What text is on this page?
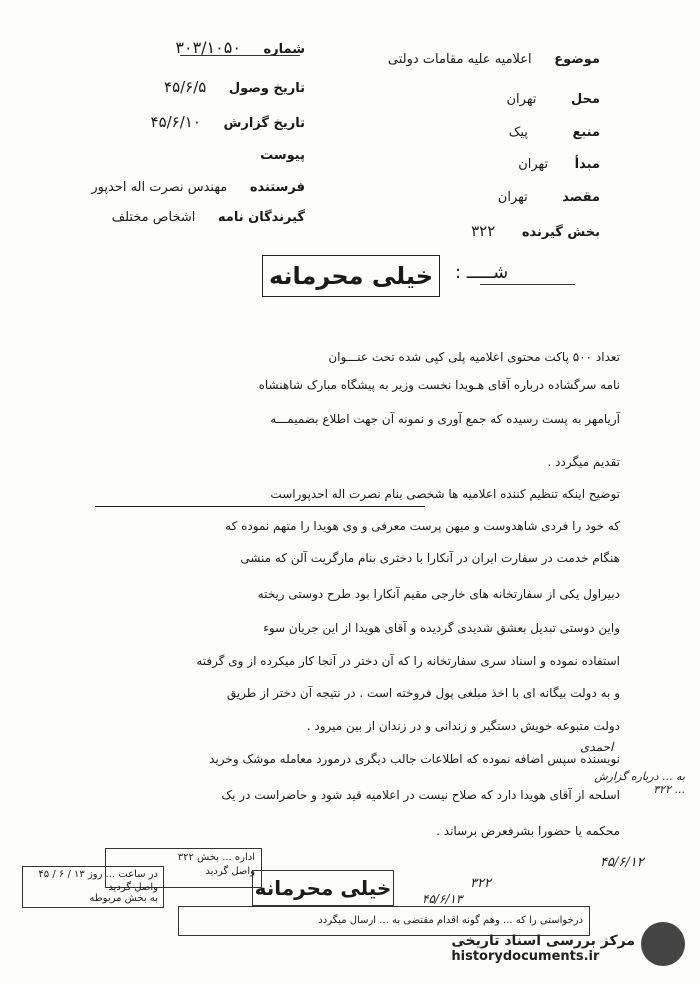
شماره ۳۰۳/۱۰۵۰
تاریخ وصول ۴۵/۶/۵
تاریخ گزارش ۴۵/۶/۱۰
پیوست
فرستنده مهندس نصرت اله احدپور
گیرندگان نامه اشخاص مختلف
موضوع اعلامیه علیه مقامات دولتی
محل تهران
منبع پیک
مبدأ تهران
مقصد تهران
بخش گیرنده ۳۲۲
شـــــ :
خیلی محرمانه
تعداد ۵۰۰ پاکت محتوی اعلامیه پلی کپی شده تحت عنـــوان
نامه سرگشاده درباره آقای هـویدا نخست وزیر به پیشگاه مبارک شاهنشاه
آریامهر به پست رسیده که جمع آوری و نمونه آن جهت اطلاع بضمیمـــه
تقدیم میگردد .
توضیح اینکه تنظیم کننده اعلامیه ها شخصی بنام نصرت اله احدپوراست
که خود را فردی شاهدوست و میهن پرست معرفی و وی هویدا را متهم نموده که
هنگام خدمت در سفارت ایران در آنکارا با دختری بنام مارگریت آلن که منشی
دبیراول یکی از سفارتخانه های خارجی مقیم آنکارا بود طرح دوستی ریخته
واین دوستی تبدیل بعشق شدیدی گردیده و آقای هویدا از این جریان سوء
استفاده نموده و اسناد سری سفارتخانه را که آن دختر در آنجا کار میکرده از وی گرفته
و به دولت بیگانه ای با اخذ مبلغی پول فروخته است . در نتیجه آن دختر از طریق
دولت متبوعه خویش دستگیر و زندانی و در زندان از بین میرود .
نویسنده سپس اضافه نموده که اطلاعات جالب دیگری درمورد معامله موشک وخرید
اسلحه از آقای هویدا دارد که صلاح نیست در اعلامیه قید شود و حاضراست در یک
محکمه یا حضورا بشرفعرض برساند .
احمدی
به ... درباره گزارش ... ۳۲۲
۴۵/۶/۱۲
۴۵/۶/۱۳
۳۲۲
اداره ... بخش ۳۲۲
واصل گردید
در ساعت ... روز ۱۳ / ۶ / ۴۵
واصل گردید
به بخش مربوطه	خیلی محرمانه
درخواستی را که ... وهم گونه اقدام مقتضی به ... ارسال میگردد
مرکز بررسی اسناد تاریخی
historydocuments.ir
